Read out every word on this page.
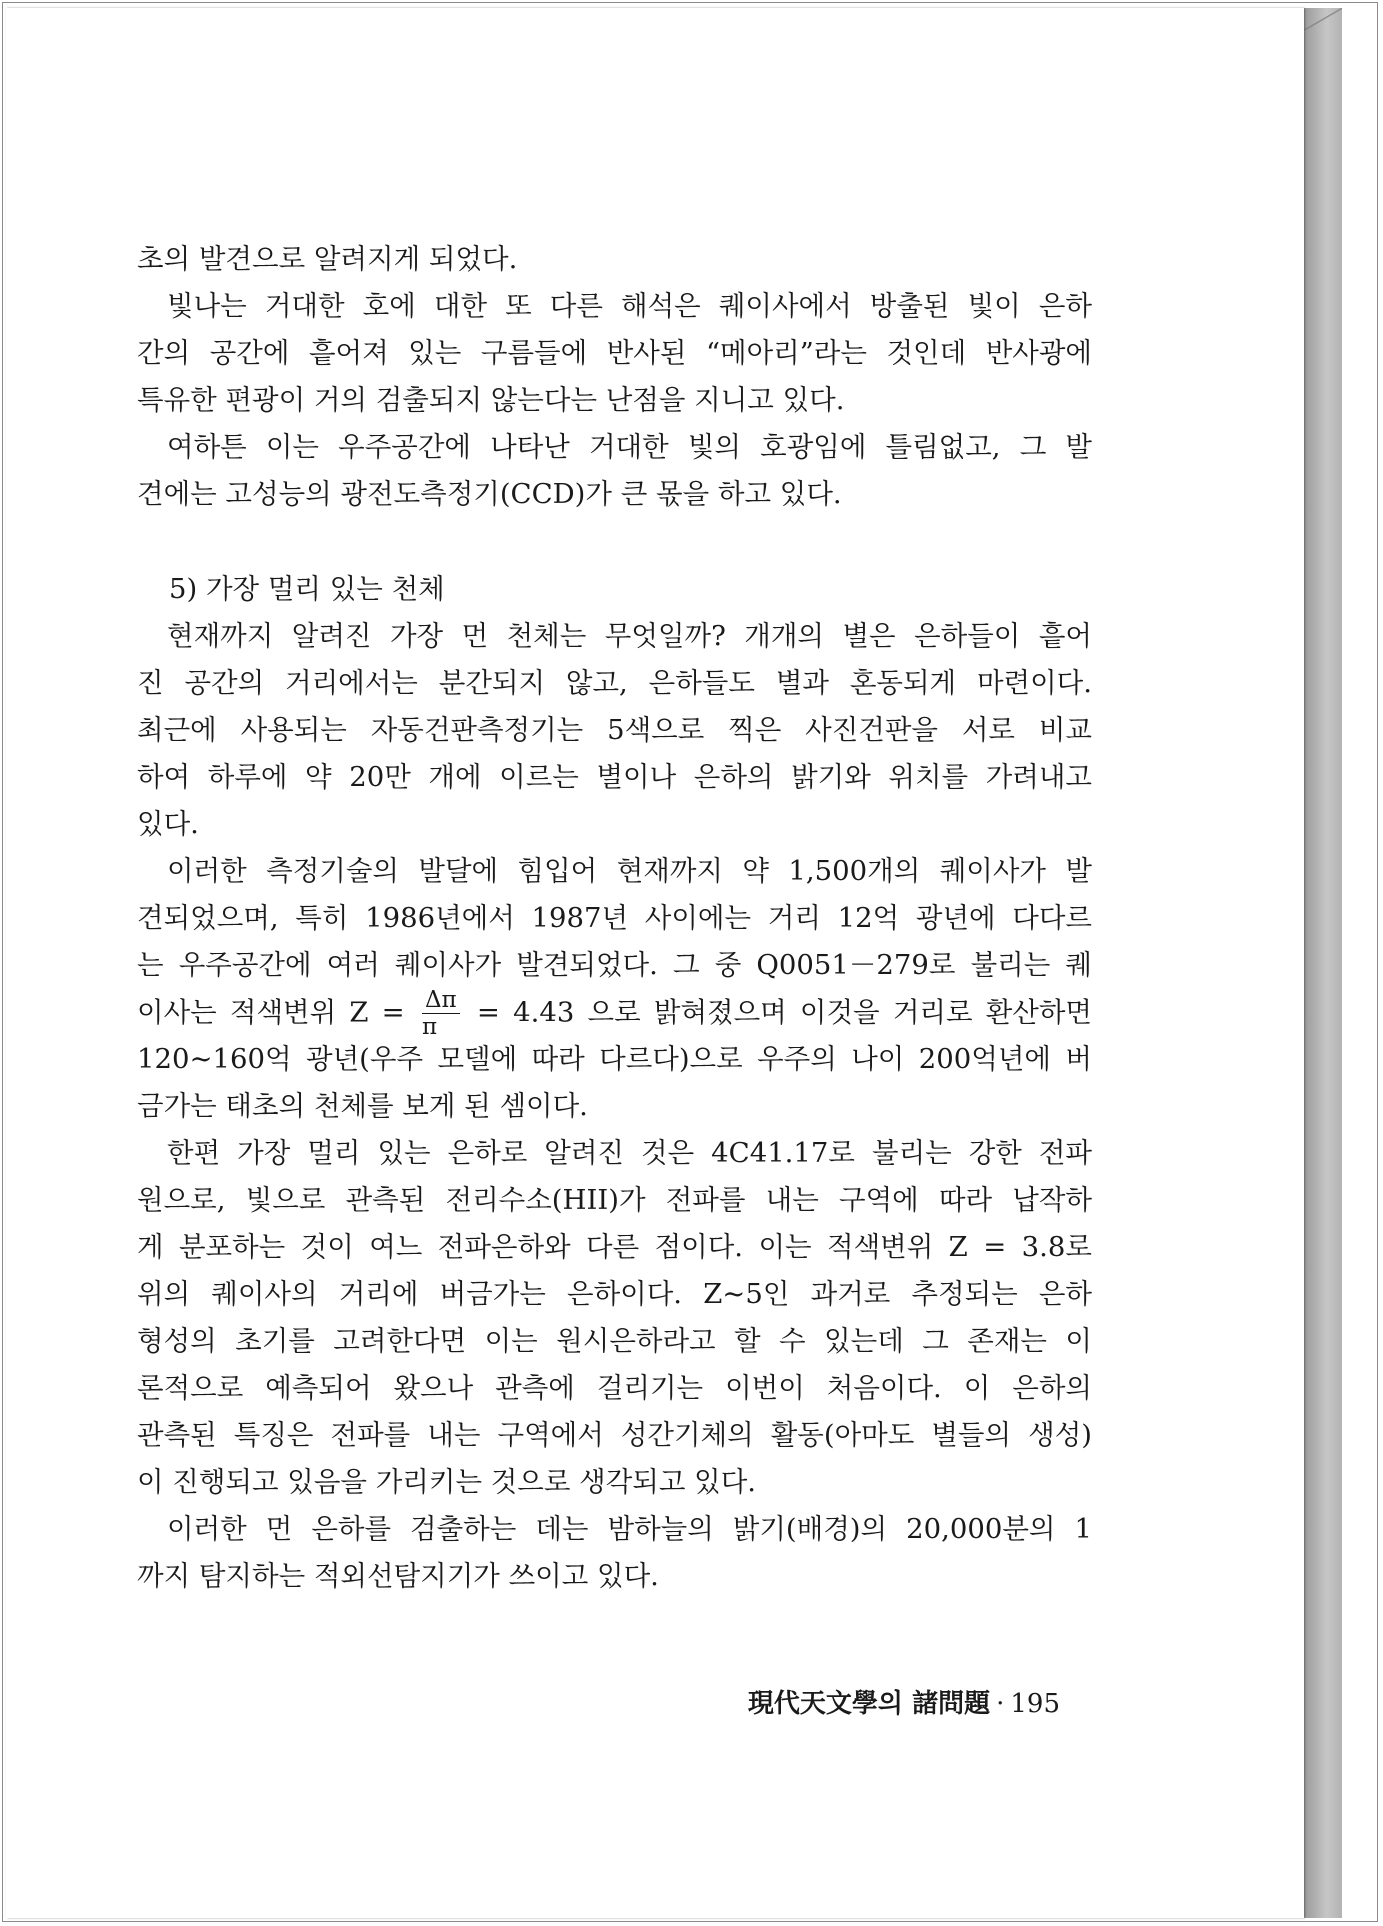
초의 발견으로 알려지게 되었다.
빛나는 거대한 호에 대한 또 다른 해석은 퀘이사에서 방출된 빛이 은하
간의 공간에 흩어져 있는 구름들에 반사된 “메아리”라는 것인데 반사광에
특유한 편광이 거의 검출되지 않는다는 난점을 지니고 있다.
여하튼 이는 우주공간에 나타난 거대한 빛의 호광임에 틀림없고, 그 발
견에는 고성능의 광전도측정기(CCD)가 큰 몫을 하고 있다.
5) 가장 멀리 있는 천체
현재까지 알려진 가장 먼 천체는 무엇일까? 개개의 별은 은하들이 흩어
진 공간의 거리에서는 분간되지 않고, 은하들도 별과 혼동되게 마련이다.
최근에 사용되는 자동건판측정기는 5색으로 찍은 사진건판을 서로 비교
하여 하루에 약 20만 개에 이르는 별이나 은하의 밝기와 위치를 가려내고
있다.
이러한 측정기술의 발달에 힘입어 현재까지 약 1,500개의 퀘이사가 발
견되었으며, 특히 1986년에서 1987년 사이에는 거리 12억 광년에 다다르
는 우주공간에 여러 퀘이사가 발견되었다. 그 중 Q0051－279로 불리는 퀘
이사는 적색변위 $Z = \frac{\Delta\pi}{\pi} = 4.43$ 으로 밝혀졌으며 이것을 거리로 환산하면
120∼160억 광년(우주 모델에 따라 다르다)으로 우주의 나이 200억년에 버
금가는 태초의 천체를 보게 된 셈이다.
한편 가장 멀리 있는 은하로 알려진 것은 4C41.17로 불리는 강한 전파
원으로, 빛으로 관측된 전리수소(HII)가 전파를 내는 구역에 따라 납작하
게 분포하는 것이 여느 전파은하와 다른 점이다. 이는 적색변위 Z = 3.8로
위의 퀘이사의 거리에 버금가는 은하이다. Z∼5인 과거로 추정되는 은하
형성의 초기를 고려한다면 이는 원시은하라고 할 수 있는데 그 존재는 이
론적으로 예측되어 왔으나 관측에 걸리기는 이번이 처음이다. 이 은하의
관측된 특징은 전파를 내는 구역에서 성간기체의 활동(아마도 별들의 생성)
이 진행되고 있음을 가리키는 것으로 생각되고 있다.
이러한 먼 은하를 검출하는 데는 밤하늘의 밝기(배경)의 20,000분의 1
까지 탐지하는 적외선탐지기가 쓰이고 있다.
現代天文學의 諸問題 · 195
